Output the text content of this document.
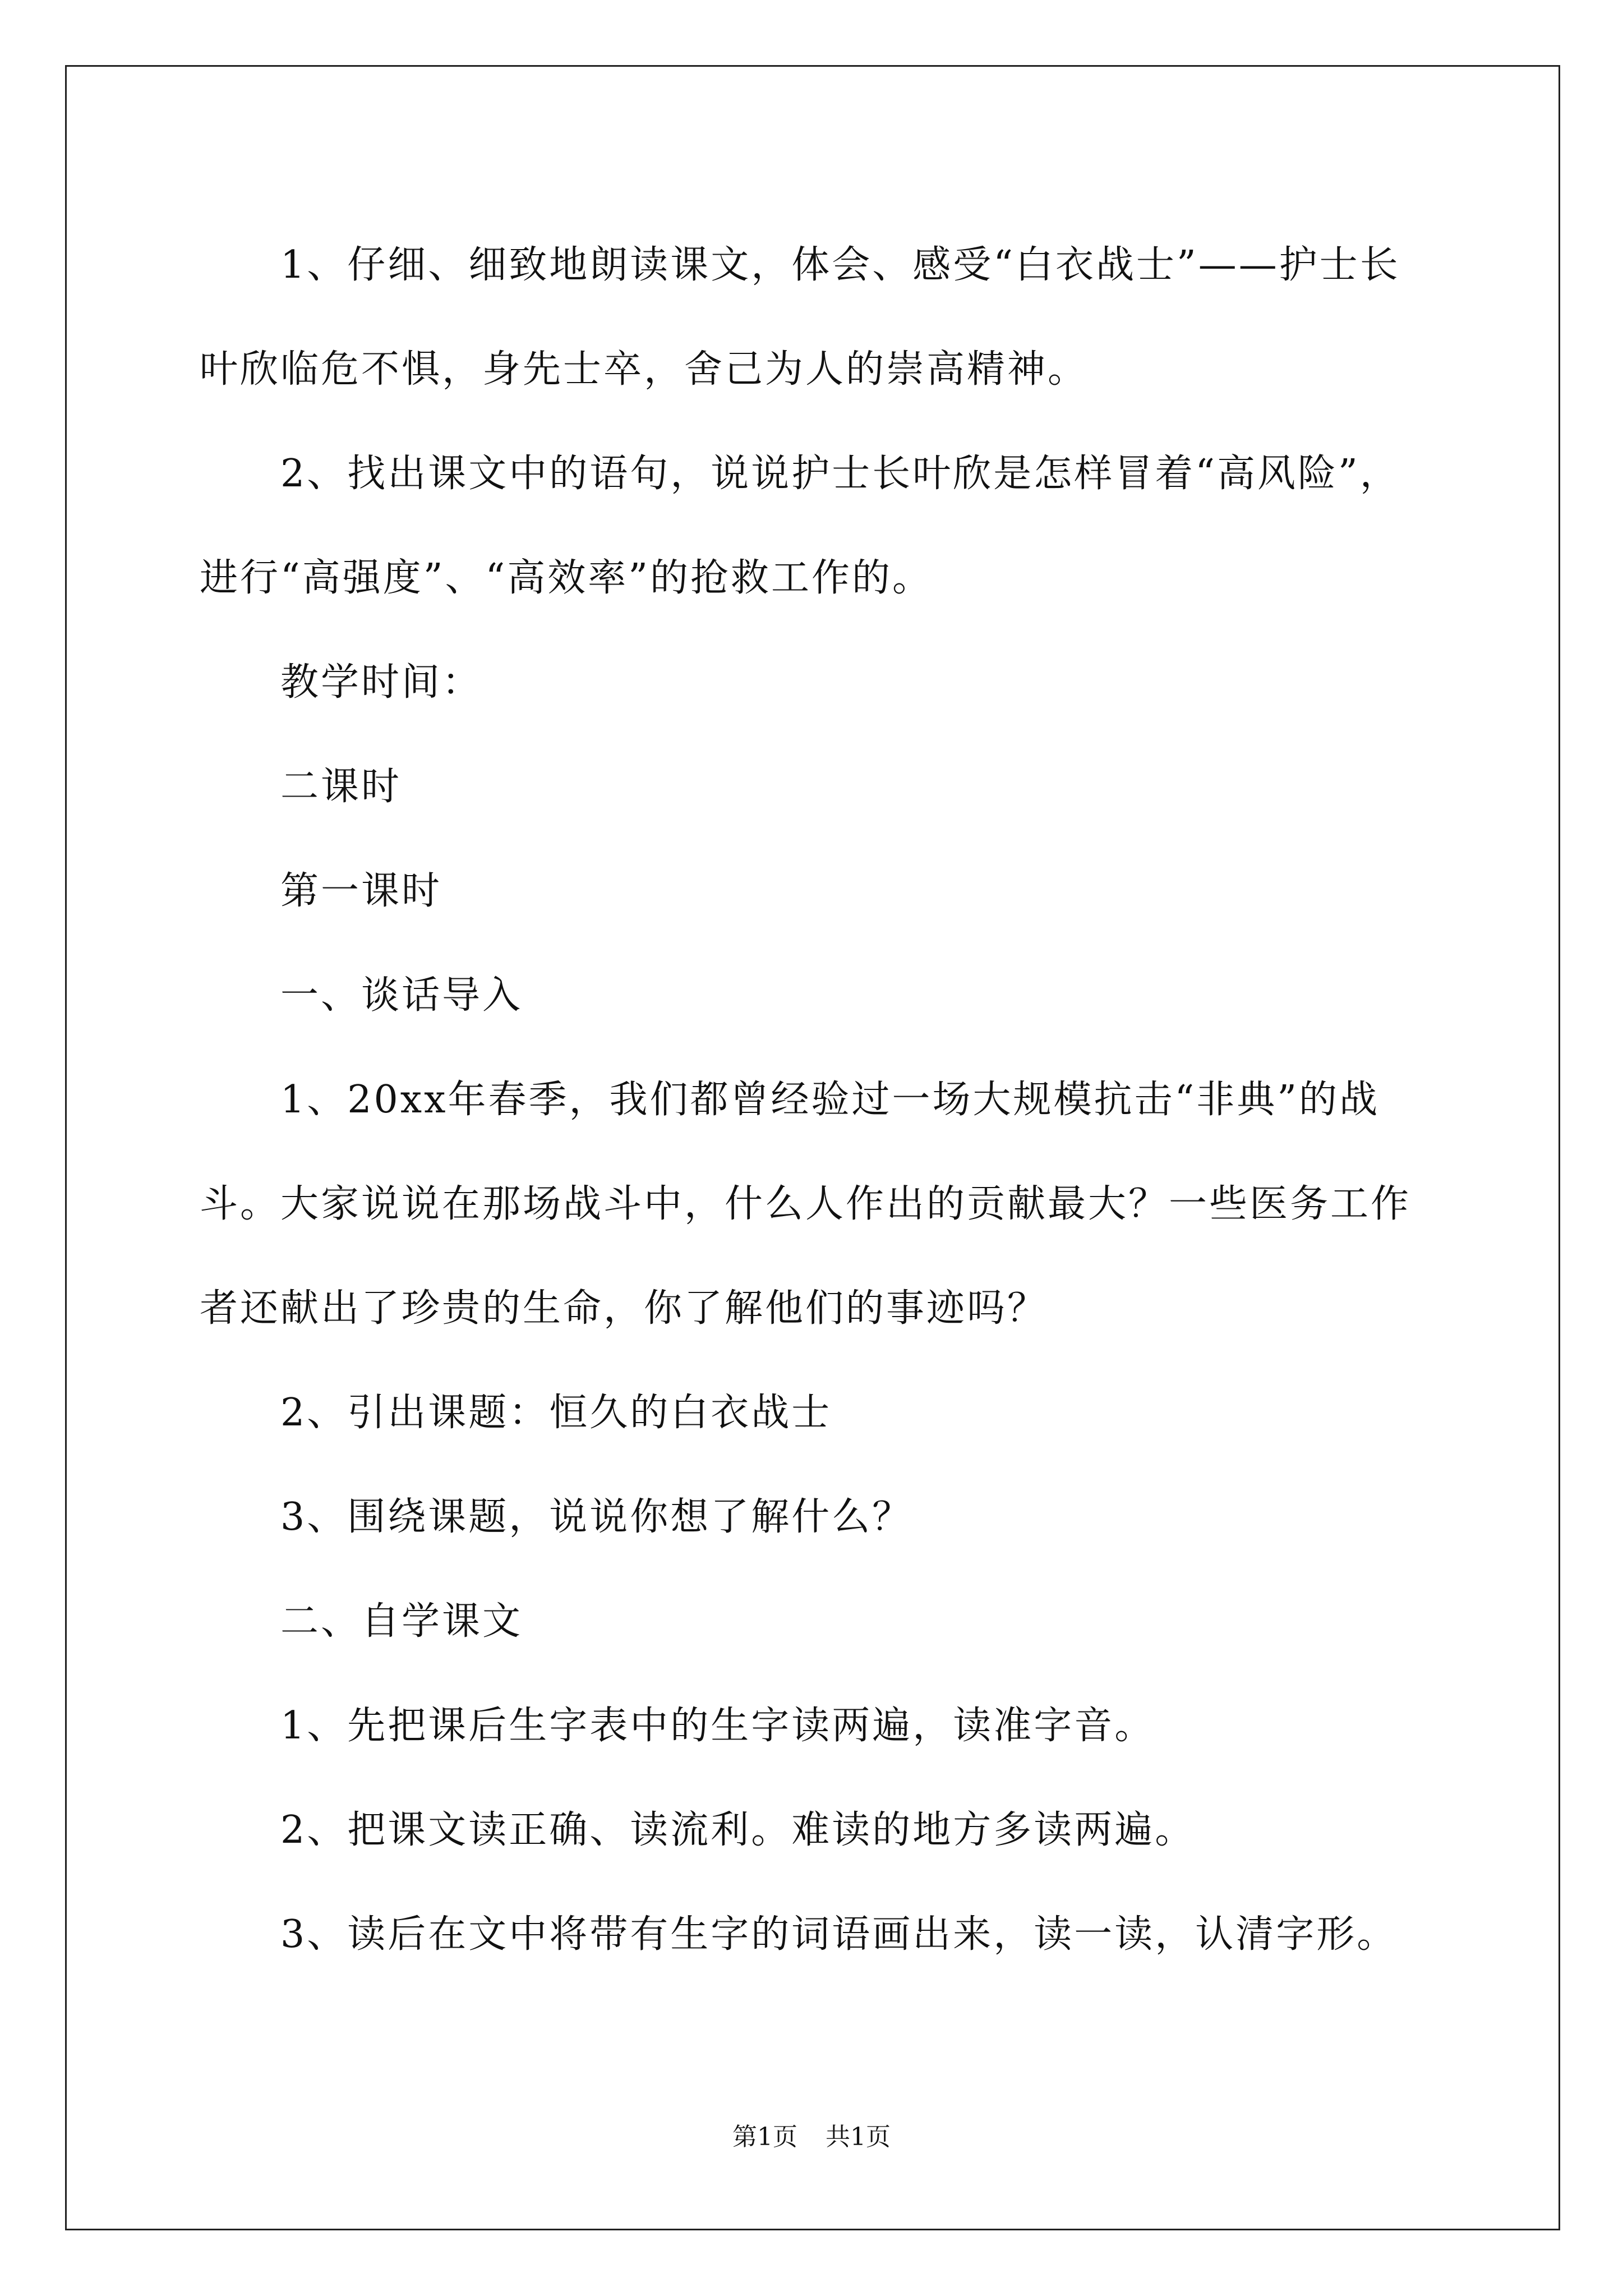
1、仔细、细致地朗读课文，体会、感受“白衣战士”——护士长

叶欣临危不惧，身先士卒，舍己为人的崇高精神。

2、找出课文中的语句，说说护士长叶欣是怎样冒着“高风险”，

进行“高强度”、“高效率”的抢救工作的。

教学时间：

二课时

第一课时

一、谈话导入

1、20xx年春季，我们都曾经验过一场大规模抗击“非典”的战

斗。大家说说在那场战斗中，什么人作出的贡献最大？一些医务工作

者还献出了珍贵的生命，你了解他们的事迹吗？

2、引出课题：恒久的白衣战士

3、围绕课题，说说你想了解什么？

二、自学课文

1、先把课后生字表中的生字读两遍，读准字音。

2、把课文读正确、读流利。难读的地方多读两遍。

3、读后在文中将带有生字的词语画出来，读一读，认清字形。

第1页 共1页
